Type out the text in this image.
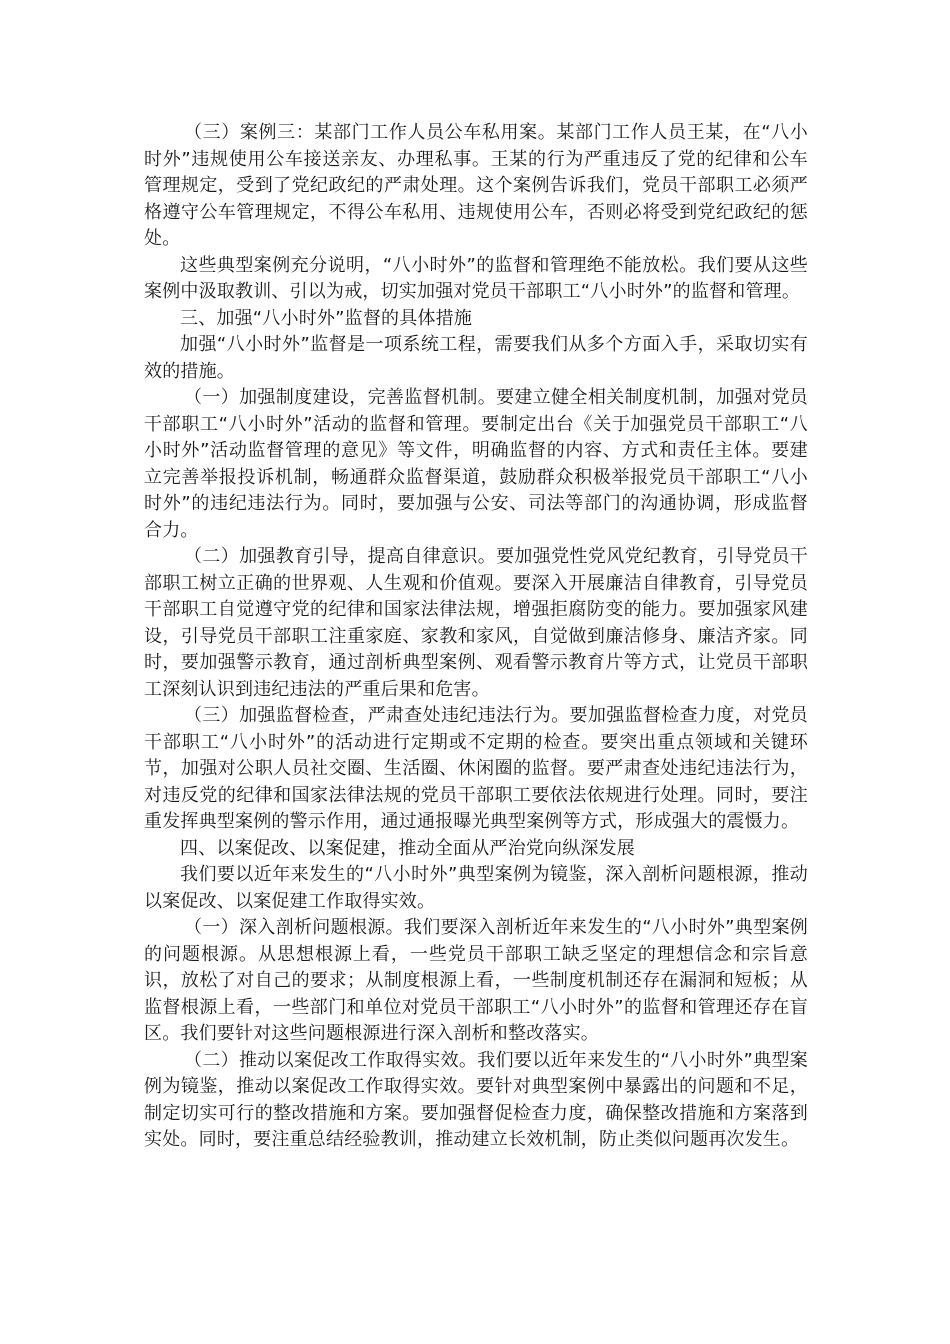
（三）案例三：某部门工作人员公车私用案。某部门工作人员王某，在“八小时外”违规使用公车接送亲友、办理私事。王某的行为严重违反了党的纪律和公车管理规定，受到了党纪政纪的严肃处理。这个案例告诉我们，党员干部职工必须严格遵守公车管理规定，不得公车私用、违规使用公车，否则必将受到党纪政纪的惩处。

这些典型案例充分说明，“八小时外”的监督和管理绝不能放松。我们要从这些案例中汲取教训、引以为戒，切实加强对党员干部职工“八小时外”的监督和管理。

三、加强“八小时外”监督的具体措施

加强“八小时外”监督是一项系统工程，需要我们从多个方面入手，采取切实有效的措施。

（一）加强制度建设，完善监督机制。要建立健全相关制度机制，加强对党员干部职工“八小时外”活动的监督和管理。要制定出台《关于加强党员干部职工“八小时外”活动监督管理的意见》等文件，明确监督的内容、方式和责任主体。要建立完善举报投诉机制，畅通群众监督渠道，鼓励群众积极举报党员干部职工“八小时外”的违纪违法行为。同时，要加强与公安、司法等部门的沟通协调，形成监督合力。

（二）加强教育引导，提高自律意识。要加强党性党风党纪教育，引导党员干部职工树立正确的世界观、人生观和价值观。要深入开展廉洁自律教育，引导党员干部职工自觉遵守党的纪律和国家法律法规，增强拒腐防变的能力。要加强家风建设，引导党员干部职工注重家庭、家教和家风，自觉做到廉洁修身、廉洁齐家。同时，要加强警示教育，通过剖析典型案例、观看警示教育片等方式，让党员干部职工深刻认识到违纪违法的严重后果和危害。

（三）加强监督检查，严肃查处违纪违法行为。要加强监督检查力度，对党员干部职工“八小时外”的活动进行定期或不定期的检查。要突出重点领域和关键环节，加强对公职人员社交圈、生活圈、休闲圈的监督。要严肃查处违纪违法行为，对违反党的纪律和国家法律法规的党员干部职工要依法依规进行处理。同时，要注重发挥典型案例的警示作用，通过通报曝光典型案例等方式，形成强大的震慑力。

四、以案促改、以案促建，推动全面从严治党向纵深发展

我们要以近年来发生的“八小时外”典型案例为镜鉴，深入剖析问题根源，推动以案促改、以案促建工作取得实效。

（一）深入剖析问题根源。我们要深入剖析近年来发生的“八小时外”典型案例的问题根源。从思想根源上看，一些党员干部职工缺乏坚定的理想信念和宗旨意识，放松了对自己的要求；从制度根源上看，一些制度机制还存在漏洞和短板；从监督根源上看，一些部门和单位对党员干部职工“八小时外”的监督和管理还存在盲区。我们要针对这些问题根源进行深入剖析和整改落实。

（二）推动以案促改工作取得实效。我们要以近年来发生的“八小时外”典型案例为镜鉴，推动以案促改工作取得实效。要针对典型案例中暴露出的问题和不足，制定切实可行的整改措施和方案。要加强督促检查力度，确保整改措施和方案落到实处。同时，要注重总结经验教训，推动建立长效机制，防止类似问题再次发生。
